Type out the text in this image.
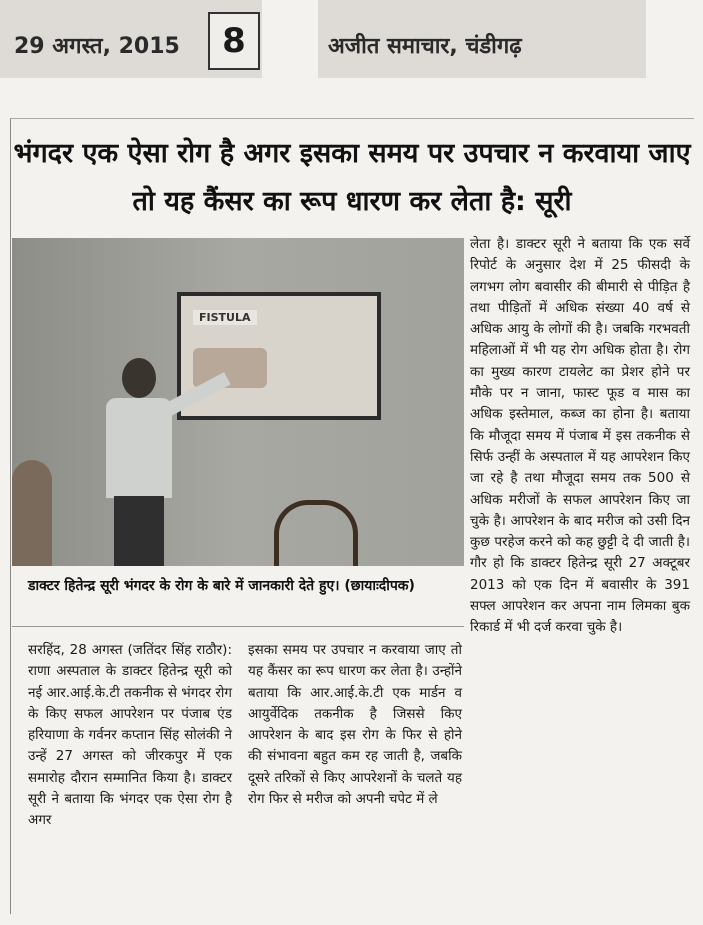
29 अगस्त, 2015	8	अजीत समाचार, चंडीगढ़
भंगदर एक ऐसा रोग है अगर इसका समय पर उपचार न करवाया जाए तो यह कैंसर का रूप धारण कर लेता है: सूरी
FISTULA
डाक्टर हितेन्द्र सूरी भंगदर के रोग के बारे में जानकारी देते हुए। (छायाःदीपक)
सरहिंद, 28 अगस्त (जतिंदर सिंह राठौर): राणा अस्पताल के डाक्टर हितेन्द्र सूरी को नई आर.आई.के.टी तकनीक से भंगदर रोग के किए सफल आपरेशन पर पंजाब एंड हरियाणा के गर्वनर कप्तान सिंह सोलंकी ने उन्हें 27 अगस्त को जीरकपुर में एक समारोह दौरान सम्मानित किया है। डाक्टर सूरी ने बताया कि भंगदर एक ऐसा रोग है अगर
इसका समय पर उपचार न करवाया जाए तो यह कैंसर का रूप धारण कर लेता है। उन्होंने बताया कि आर.आई.के.टी एक मार्डन व आयुर्वेदिक तकनीक है जिससे किए आपरेशन के बाद इस रोग के फिर से होने की संभावना बहुत कम रह जाती है, जबकि दूसरे तरिकों से किए आपरेशनों के चलते यह रोग फिर से मरीज को अपनी चपेट में ले
लेता है। डाक्टर सूरी ने बताया कि एक सर्वे रिपोर्ट के अनुसार देश में 25 फीसदी के लगभग लोग बवासीर की बीमारी से पीड़ित है तथा पीड़ितों में अधिक संख्या 40 वर्ष से अधिक आयु के लोगों की है। जबकि गरभवती महिलाओं में भी यह रोग अधिक होता है। रोग का मुख्य कारण टायलेट का प्रेशर होने पर मौके पर न जाना, फास्ट फूड व मास का अधिक इस्तेमाल, कब्ज का होना है। बताया कि मौजूदा समय में पंजाब में इस तकनीक से सिर्फ उन्हीं के अस्पताल में यह आपरेशन किए जा रहे है तथा मौजूदा समय तक 500 से अधिक मरीजों के सफल आपरेशन किए जा चुके है। आपरेशन के बाद मरीज को उसी दिन कुछ परहेज करने को कह छुट्टी दे दी जाती है। गौर हो कि डाक्टर हितेन्द्र सूरी 27 अक्टूबर 2013 को एक दिन में बवासीर के 391 सफ्ल आपरेशन कर अपना नाम लिमका बुक रिकार्ड में भी दर्ज करवा चुके है।
